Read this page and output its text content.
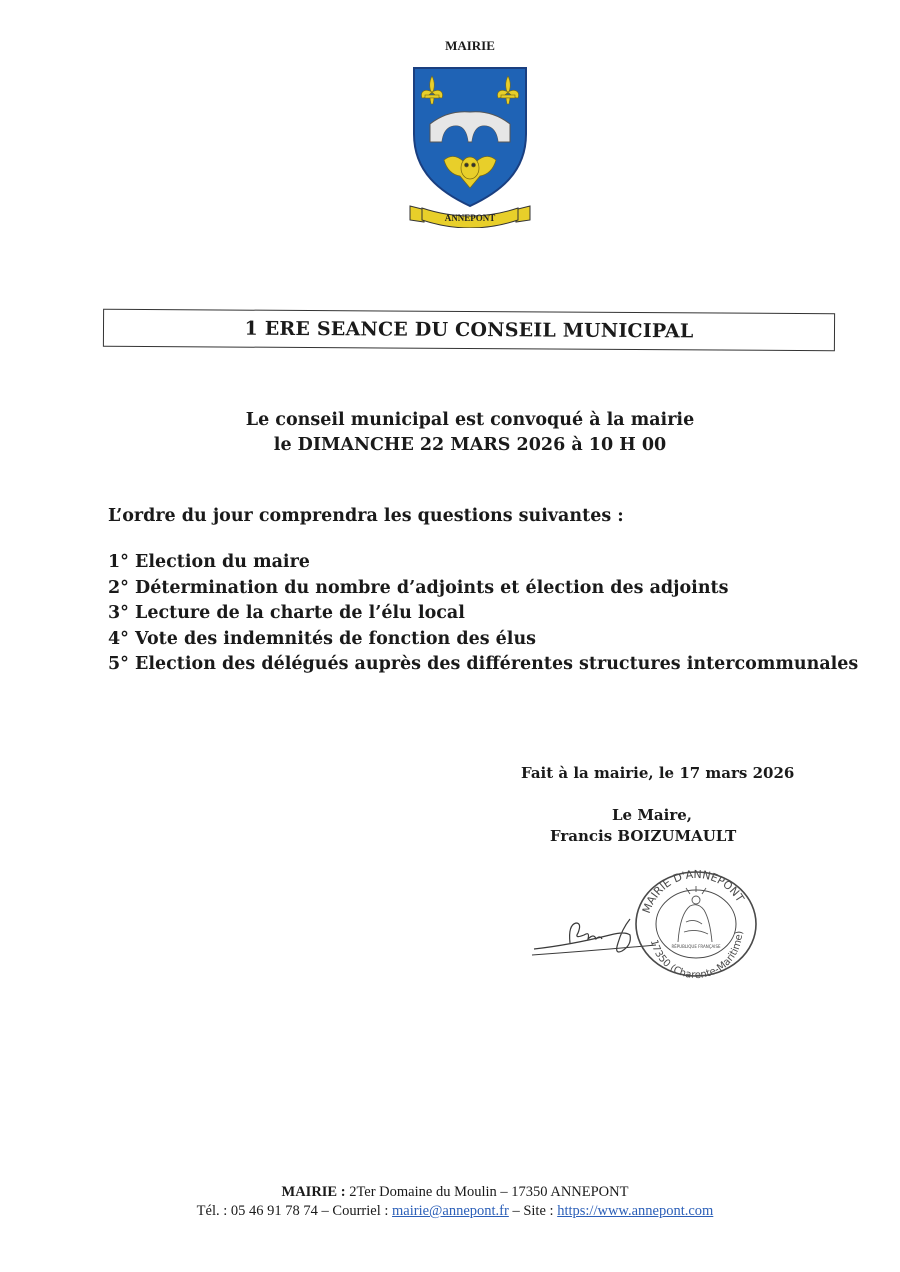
MAIRIE
ANNEPONT
1 ERE SEANCE DU CONSEIL MUNICIPAL
Le conseil municipal est convoqué à la mairie
le DIMANCHE 22 MARS 2026 à 10 H 00
L’ordre du jour comprendra les questions suivantes :
1° Election du maire
2° Détermination du nombre d’adjoints et élection des adjoints
3° Lecture de la charte de l’élu local
4° Vote des indemnités de fonction des élus
5° Election des délégués auprès des différentes structures intercommunales
Fait à la mairie, le 17 mars 2026
Le Maire,
Francis BOIZUMAULT
MAIRIE D'ANNEPONT
17350 (Charente-Maritime)
RÉPUBLIQUE FRANÇAISE
MAIRIE : 2Ter Domaine du Moulin – 17350 ANNEPONT
Tél. : 05 46 91 78 74 – Courriel : mairie@annepont.fr – Site : https://www.annepont.com
